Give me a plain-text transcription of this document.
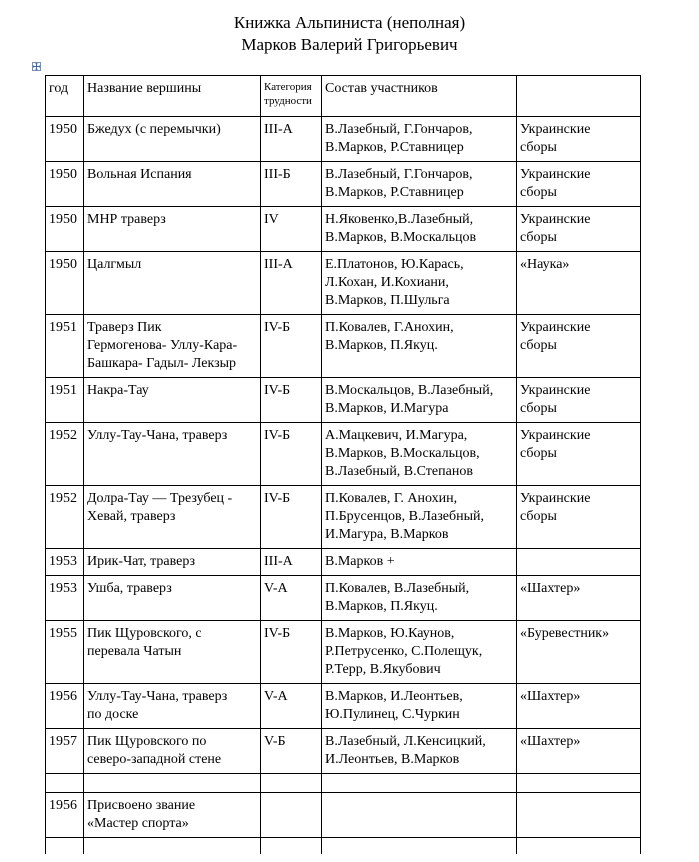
Книжка Альпиниста (неполная)
Марков Валерий Григорьевич
год	Название вершины	Категория
трудности	Состав участников	
1950	Бжедух (с перемычки)	III-А	В.Лазебный, Г.Гончаров,
В.Марков, Р.Ставницер	Украинские
сборы

1950	Вольная Испания	III-Б	В.Лазебный, Г.Гончаров,
В.Марков, Р.Ставницер	Украинские
сборы

1950	МНР траверз	IV	Н.Яковенко,В.Лазебный,
В.Марков, В.Москальцов	Украинские
сборы

1950	Цалгмыл	III-А	Е.Платонов, Ю.Карась,
Л.Кохан, И.Кохиани,
В.Марков, П.Шульга	«Наука»

1951	Траверз Пик
Гермогенова- Уллу-Кара-
Башкара- Гадыл- Лекзыр	IV-Б	П.Ковалев, Г.Анохин,
В.Марков, П.Якуц.	Украинские
сборы

1951	Накра-Тау	IV-Б	В.Москальцов, В.Лазебный,
В.Марков, И.Магура	Украинские
сборы

1952	Уллу-Тау-Чана, траверз	IV-Б	А.Мацкевич, И.Магура,
В.Марков, В.Москальцов,
В.Лазебный, В.Степанов	Украинские
сборы

1952	Долра-Тау — Трезубец -
Хевай, траверз	IV-Б	П.Ковалев, Г. Анохин,
П.Брусенцов, В.Лазебный,
И.Магура, В.Марков	Украинские
сборы

1953	Ирик-Чат, траверз	III-А	В.Марков +	

1953	Ушба, траверз	V-А	П.Ковалев, В.Лазебный,
В.Марков, П.Якуц.	«Шахтер»

1955	Пик Щуровского, с
перевала Чатын	IV-Б	В.Марков, Ю.Каунов,
Р.Петрусенко, С.Полещук,
Р.Терр, В.Якубович	«Буревестник»

1956	Уллу-Тау-Чана, траверз
по доске	V-А	В.Марков, И.Леонтьев,
Ю.Пулинец, С.Чуркин	«Шахтер»

1957	Пик Щуровского по
северо-западной стене	V-Б	В.Лазебный, Л.Кенсицкий,
И.Леонтьев, В.Марков	«Шахтер»

1956	Присвоено звание
«Мастер спорта»			
